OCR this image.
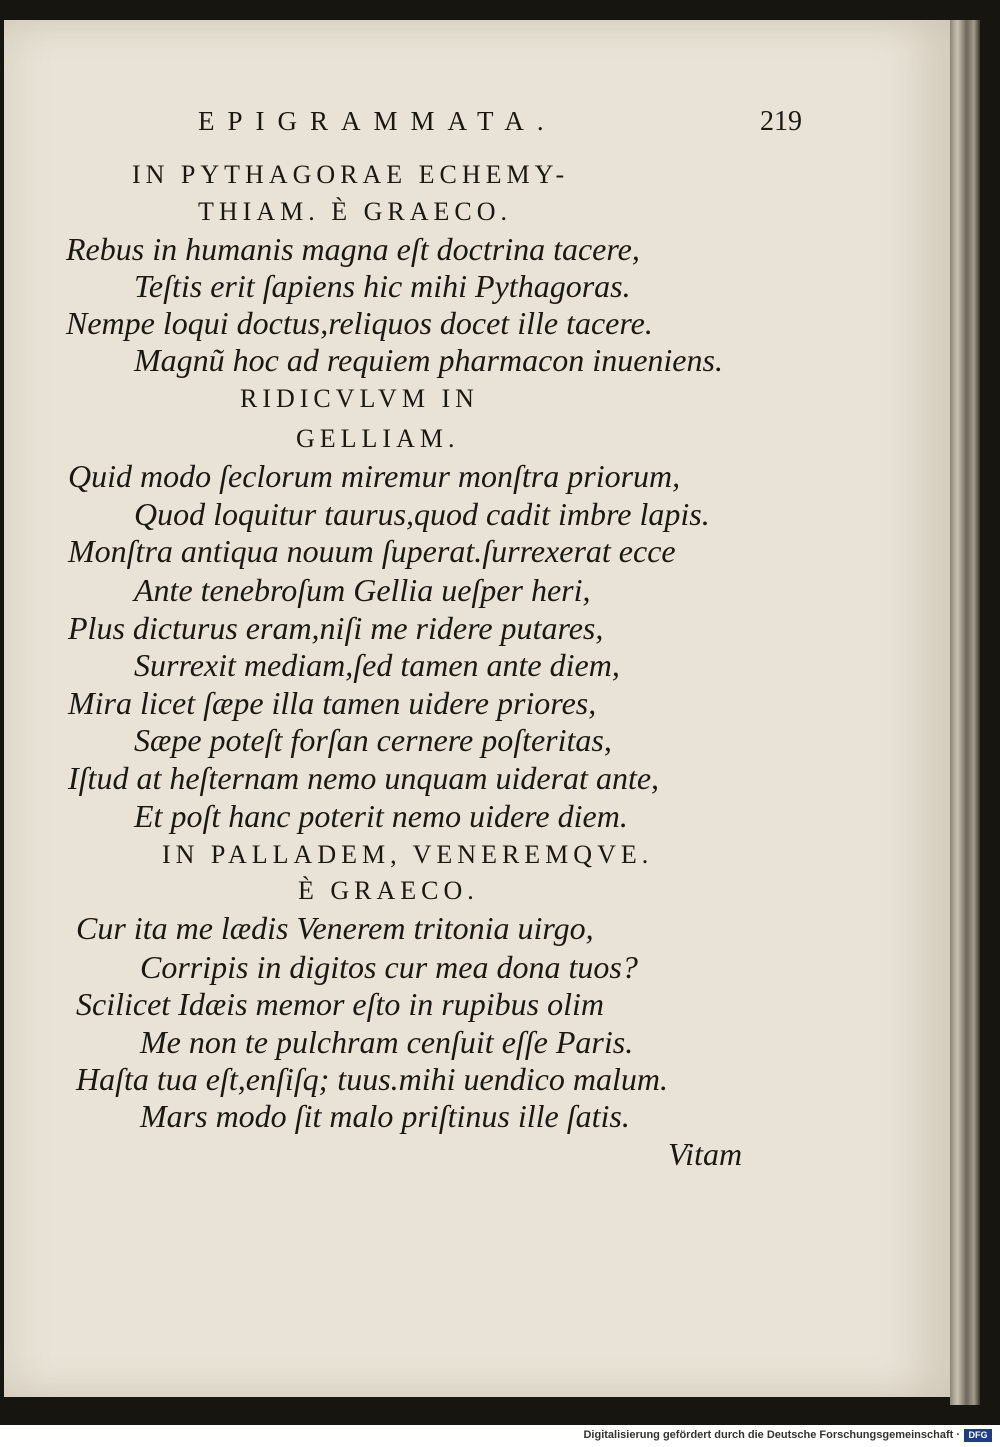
EPIGRAMMATA.	219
IN PYTHAGORAE ECHEMY-
THIAM. È GRAECO.
Rebus in humanis magna eſt doctrina tacere,
Teſtis erit ſapiens hic mihi Pythagoras.
Nempe loqui doctus,reliquos docet ille tacere.
Magnũ hoc ad requiem pharmacon inueniens.
RIDICVLVM IN
GELLIAM.
Quid modo ſeclorum miremur monſtra priorum,
Quod loquitur taurus,quod cadit imbre lapis.
Monſtra antiqua nouum ſuperat.ſurrexerat ecce
Ante tenebroſum Gellia ueſper heri,
Plus dicturus eram,niſi me ridere putares,
Surrexit mediam,ſed tamen ante diem,
Mira licet ſæpe illa tamen uidere priores,
Sæpe poteſt forſan cernere poſteritas,
Iſtud at heſternam nemo unquam uiderat ante,
Et poſt hanc poterit nemo uidere diem.
IN PALLADEM, VENEREMQVE.
È GRAECO.
Cur ita me lædis Venerem tritonia uirgo,
Corripis in digitos cur mea dona tuos?
Scilicet Idæis memor eſto in rupibus olim
Me non te pulchram cenſuit eſſe Paris.
Haſta tua eſt,enſiſq; tuus.mihi uendico malum.
Mars modo ſit malo priſtinus ille ſatis.
Vitam
Digitalisierung gefördert durch die Deutsche Forschungsgemeinschaft · DFG
